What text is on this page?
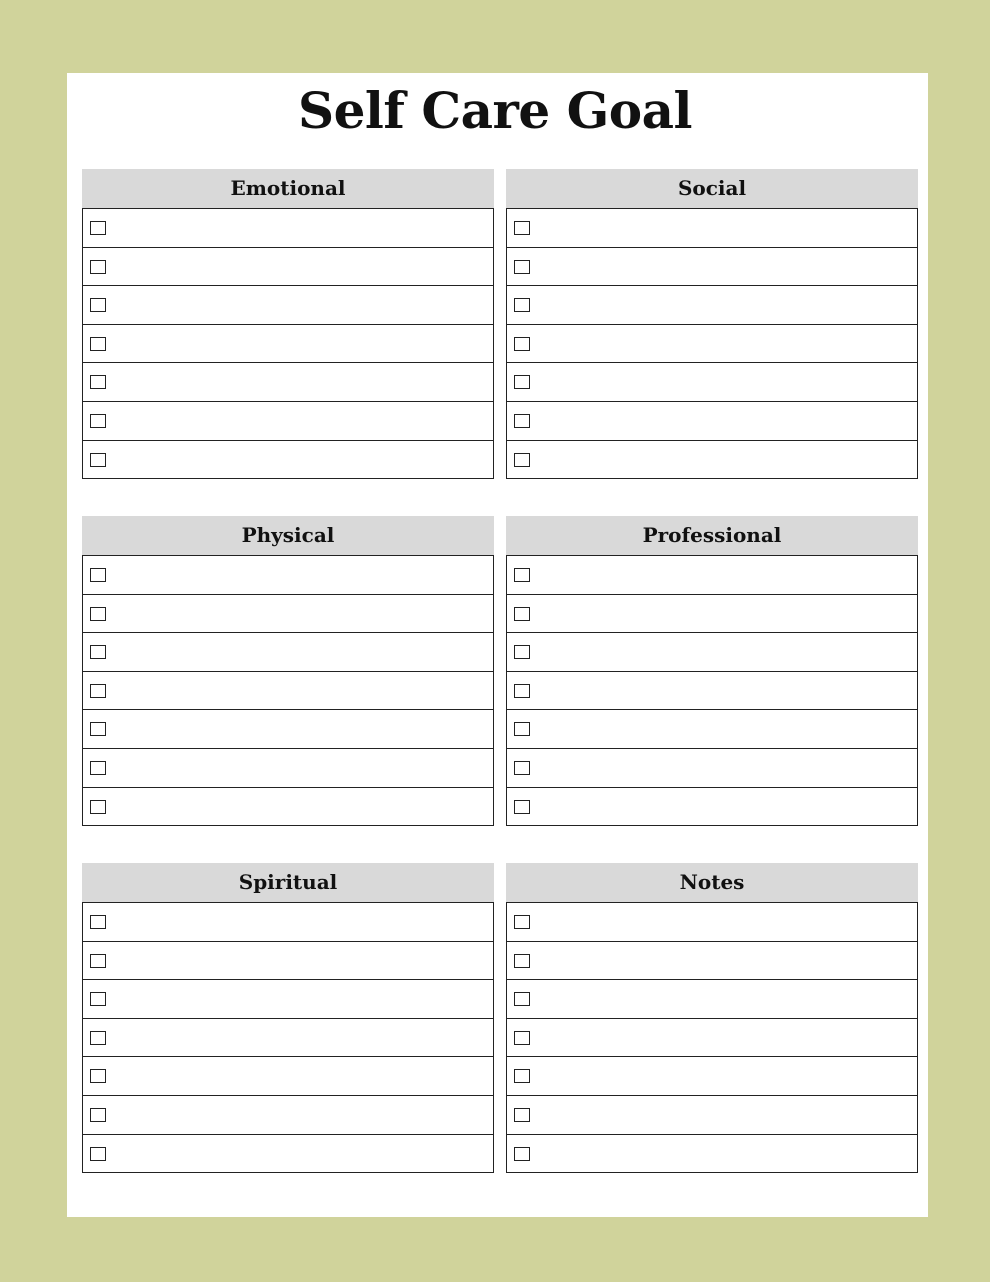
Self Care Goal
Emotional	Social
Physical	Professional
Spiritual	Notes
